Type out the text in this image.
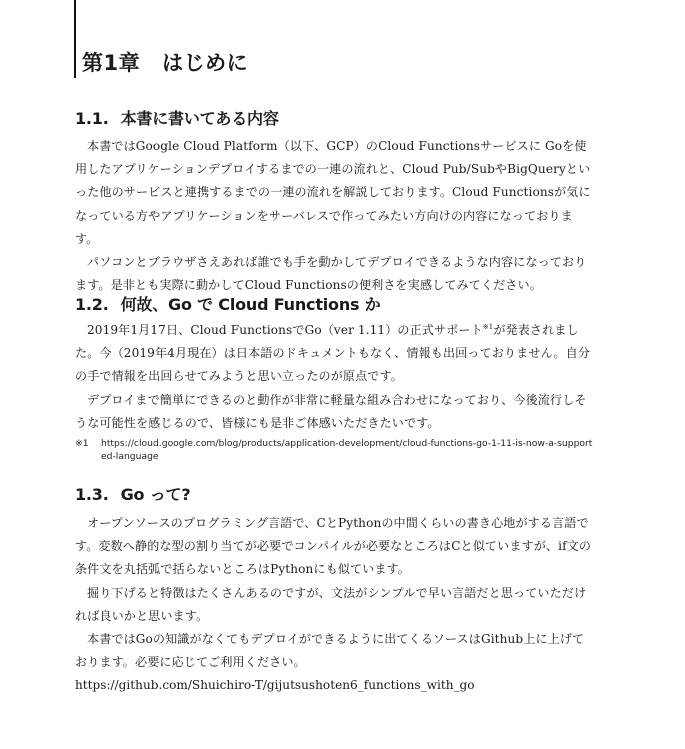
第1章 はじめに
1.1. 本書に書いてある内容

本書ではGoogle Cloud Platform（以下、GCP）のCloud Functionsサービスに Goを使用したアプリケーションデプロイするまでの一連の流れと、Cloud Pub/SubやBigQueryといった他のサービスと連携するまでの一連の流れを解説しております。Cloud Functionsが気になっている方やアプリケーションをサーバレスで作ってみたい方向けの内容になっております。

パソコンとブラウザさえあれば誰でも手を動かしてデプロイできるような内容になっております。是非とも実際に動かしてCloud Functionsの便利さを実感してみてください。

1.2. 何故、Go で Cloud Functions か

2019年1月17日、Cloud FunctionsでGo（ver 1.11）の正式サポート$^{※1}$が発表されました。今（2019年4月現在）は日本語のドキュメントもなく、情報も出回っておりません。自分の手で情報を出回らせてみようと思い立ったのが原点です。

デプロイまで簡単にできるのと動作が非常に軽量な組み合わせになっており、今後流行しそうな可能性を感じるので、皆様にも是非ご体感いただきたいです。

※1	https://cloud.google.com/blog/products/application-development/cloud-functions-go-1-11-is-now-a-supported-language
1.3. Go って?

オープンソースのプログラミング言語で、CとPythonの中間くらいの書き心地がする言語です。変数へ静的な型の割り当てが必要でコンパイルが必要なところはCと似ていますが、if文の条件文を丸括弧で括らないところはPythonにも似ています。

掘り下げると特徴はたくさんあるのですが、文法がシンプルで早い言語だと思っていただければ良いかと思います。

本書ではGoの知識がなくてもデプロイができるように出てくるソースはGithub上に上げております。必要に応じてご利用ください。

https://github.com/Shuichiro-T/gijutsushoten6_functions_with_go
